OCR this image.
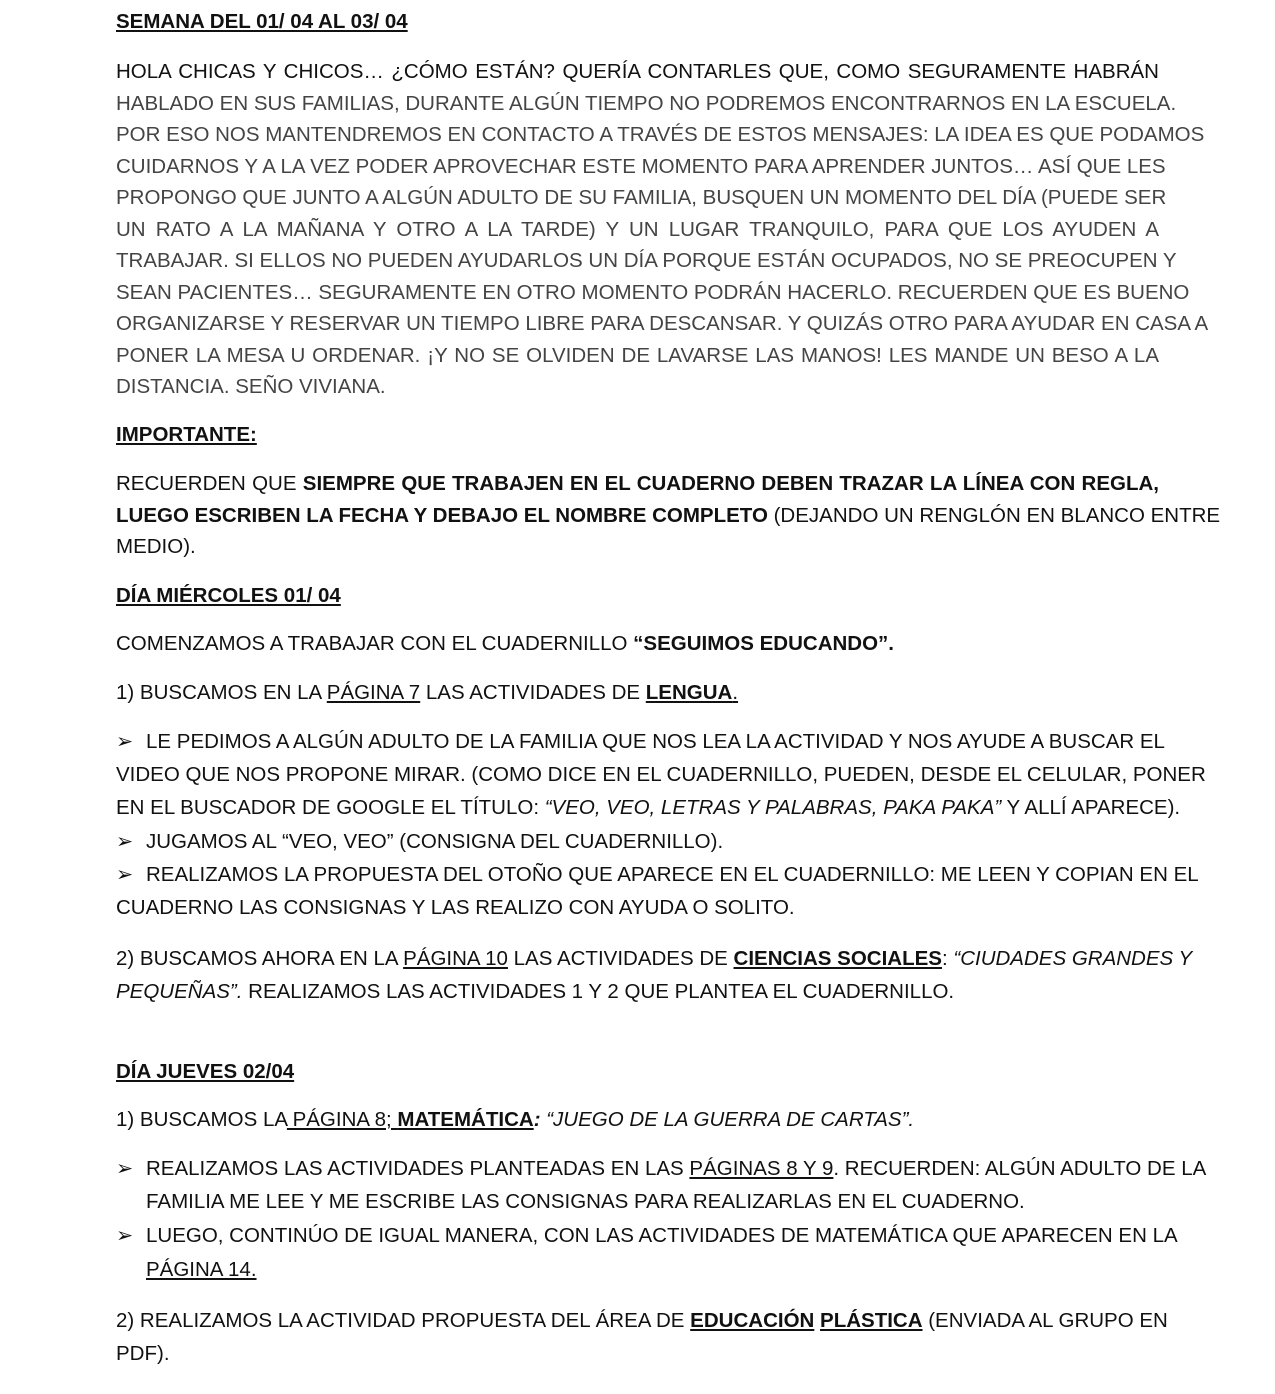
SEMANA DEL 01/ 04 AL 03/ 04
HOLA CHICAS Y CHICOS… ¿CÓMO ESTÁN? QUERÍA CONTARLES QUE, COMO SEGURAMENTE HABRÁN
HABLADO EN SUS FAMILIAS, DURANTE ALGÚN TIEMPO NO PODREMOS ENCONTRARNOS EN LA ESCUELA.
POR ESO NOS MANTENDREMOS EN CONTACTO A TRAVÉS DE ESTOS MENSAJES: LA IDEA ES QUE PODAMOS
CUIDARNOS Y A LA VEZ PODER APROVECHAR ESTE MOMENTO PARA APRENDER JUNTOS… ASÍ QUE LES
PROPONGO QUE JUNTO A ALGÚN ADULTO DE SU FAMILIA, BUSQUEN UN MOMENTO DEL DÍA (PUEDE SER
UN RATO A LA MAÑANA Y OTRO A LA TARDE) Y UN LUGAR TRANQUILO, PARA QUE LOS AYUDEN A
TRABAJAR. SI ELLOS NO PUEDEN AYUDARLOS UN DÍA PORQUE ESTÁN OCUPADOS, NO SE PREOCUPEN Y
SEAN PACIENTES… SEGURAMENTE EN OTRO MOMENTO PODRÁN HACERLO. RECUERDEN QUE ES BUENO
ORGANIZARSE Y RESERVAR UN TIEMPO LIBRE PARA DESCANSAR. Y QUIZÁS OTRO PARA AYUDAR EN CASA A
PONER LA MESA U ORDENAR. ¡Y NO SE OLVIDEN DE LAVARSE LAS MANOS! LES MANDE UN BESO A LA
DISTANCIA. SEÑO VIVIANA.
IMPORTANTE:
RECUERDEN QUE SIEMPRE QUE TRABAJEN EN EL CUADERNO DEBEN TRAZAR LA LÍNEA CON REGLA,
LUEGO ESCRIBEN LA FECHA Y DEBAJO EL NOMBRE COMPLETO (DEJANDO UN RENGLÓN EN BLANCO ENTRE
MEDIO).
DÍA MIÉRCOLES 01/ 04
COMENZAMOS A TRABAJAR CON EL CUADERNILLO “SEGUIMOS EDUCANDO”.
1) BUSCAMOS EN LA PÁGINA 7 LAS ACTIVIDADES DE LENGUA.
➢ LE PEDIMOS A ALGÚN ADULTO DE LA FAMILIA QUE NOS LEA LA ACTIVIDAD Y NOS AYUDE A BUSCAR EL
VIDEO QUE NOS PROPONE MIRAR. (COMO DICE EN EL CUADERNILLO, PUEDEN, DESDE EL CELULAR, PONER
EN EL BUSCADOR DE GOOGLE EL TÍTULO: “VEO, VEO, LETRAS Y PALABRAS, PAKA PAKA” Y ALLÍ APARECE).
➢ JUGAMOS AL “VEO, VEO” (CONSIGNA DEL CUADERNILLO).
➢ REALIZAMOS LA PROPUESTA DEL OTOÑO QUE APARECE EN EL CUADERNILLO: ME LEEN Y COPIAN EN EL
CUADERNO LAS CONSIGNAS Y LAS REALIZO CON AYUDA O SOLITO.
2) BUSCAMOS AHORA EN LA PÁGINA 10 LAS ACTIVIDADES DE CIENCIAS SOCIALES: “CIUDADES GRANDES Y
PEQUEÑAS”. REALIZAMOS LAS ACTIVIDADES 1 Y 2 QUE PLANTEA EL CUADERNILLO.
DÍA JUEVES 02/04
1) BUSCAMOS LA PÁGINA 8; MATEMÁTICA: “JUEGO DE LA GUERRA DE CARTAS”.
➢ REALIZAMOS LAS ACTIVIDADES PLANTEADAS EN LAS PÁGINAS 8 Y 9. RECUERDEN: ALGÚN ADULTO DE LA
FAMILIA ME LEE Y ME ESCRIBE LAS CONSIGNAS PARA REALIZARLAS EN EL CUADERNO.
➢ LUEGO, CONTINÚO DE IGUAL MANERA, CON LAS ACTIVIDADES DE MATEMÁTICA QUE APARECEN EN LA
PÁGINA 14.
2) REALIZAMOS LA ACTIVIDAD PROPUESTA DEL ÁREA DE EDUCACIÓN PLÁSTICA (ENVIADA AL GRUPO EN
PDF).
